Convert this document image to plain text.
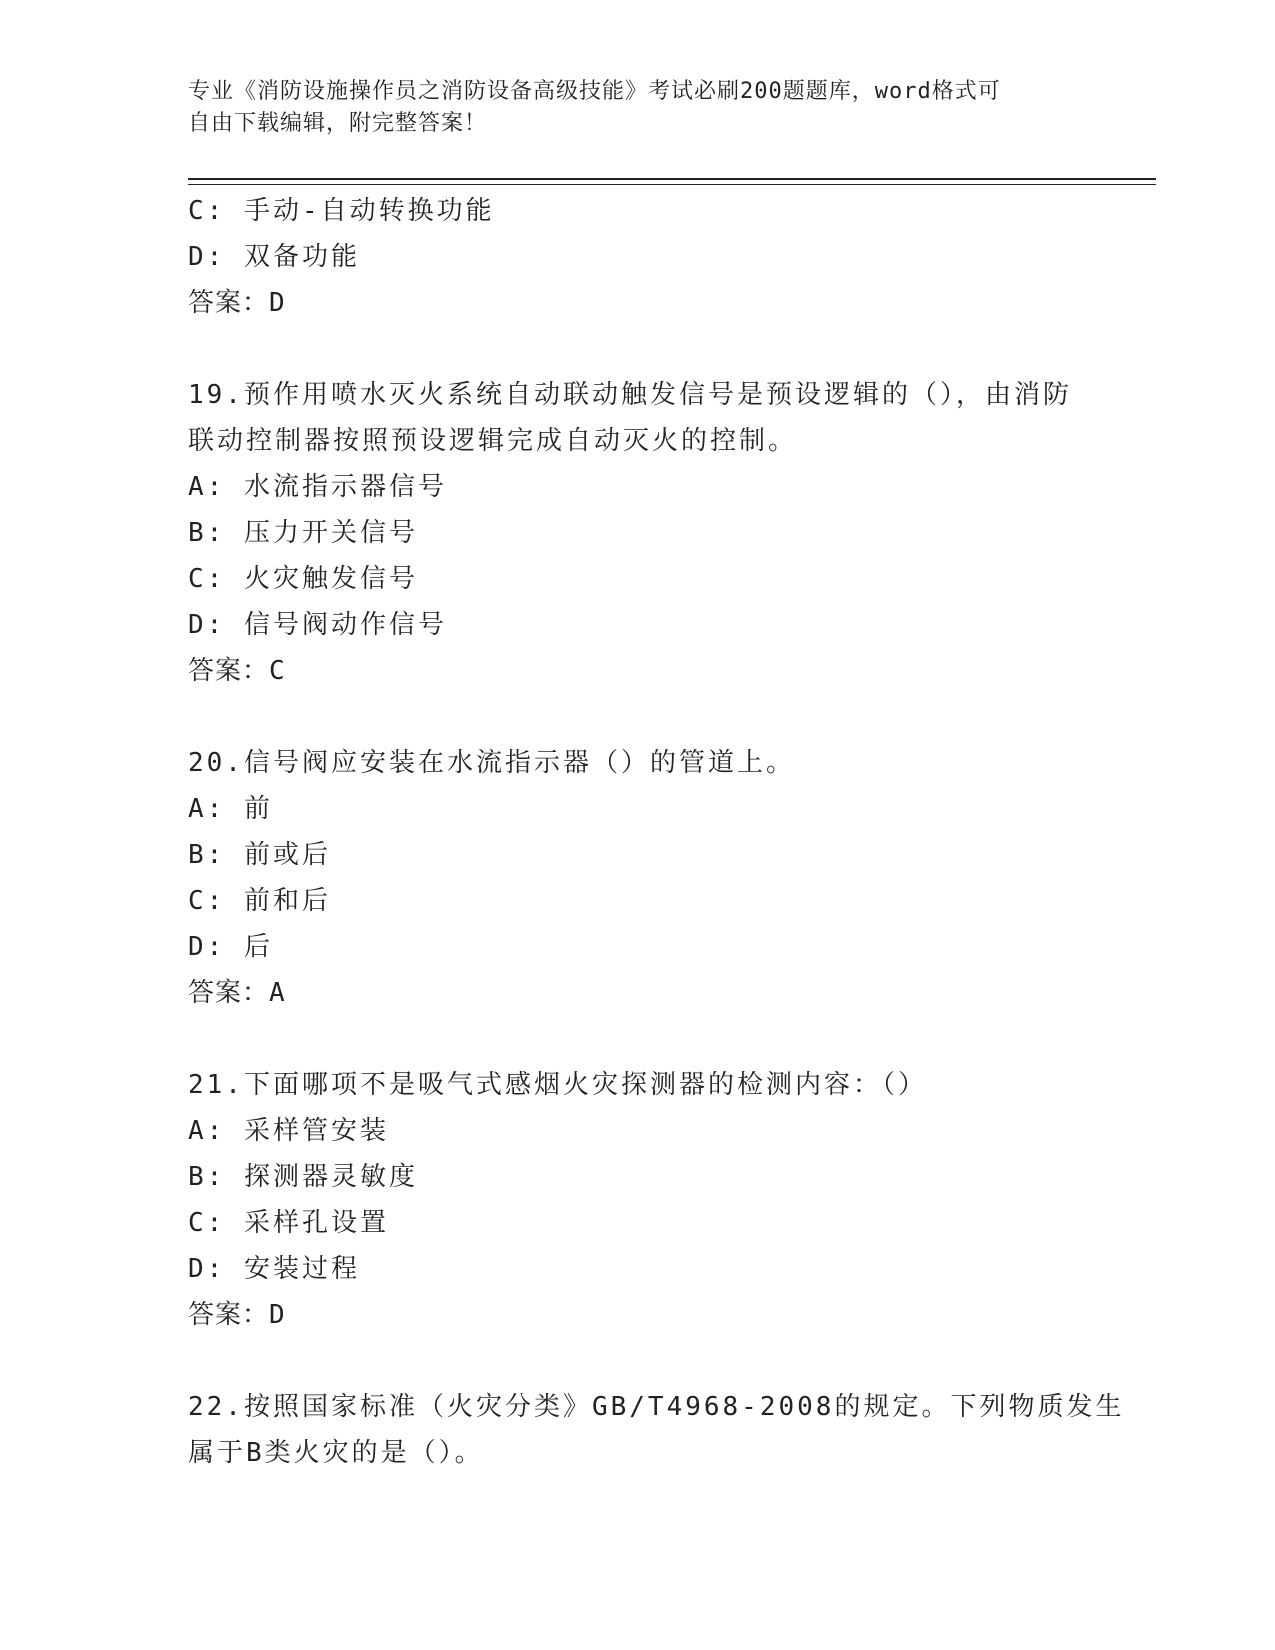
专业《消防设施操作员之消防设备高级技能》考试必刷200题题库，word格式可
自由下载编辑，附完整答案！
C: 手动-自动转换功能
D: 双备功能
答案：D
19.预作用喷水灭火系统自动联动触发信号是预设逻辑的（），由消防
联动控制器按照预设逻辑完成自动灭火的控制。
A: 水流指示器信号
B: 压力开关信号
C: 火灾触发信号
D: 信号阀动作信号
答案：C
20.信号阀应安装在水流指示器（）的管道上。
A: 前
B: 前或后
C: 前和后
D: 后
答案：A
21.下面哪项不是吸气式感烟火灾探测器的检测内容：（）
A: 采样管安装
B: 探测器灵敏度
C: 采样孔设置
D: 安装过程
答案：D
22.按照国家标准（火灾分类》GB/T4968-2008的规定。下列物质发生
属于B类火灾的是（）。
